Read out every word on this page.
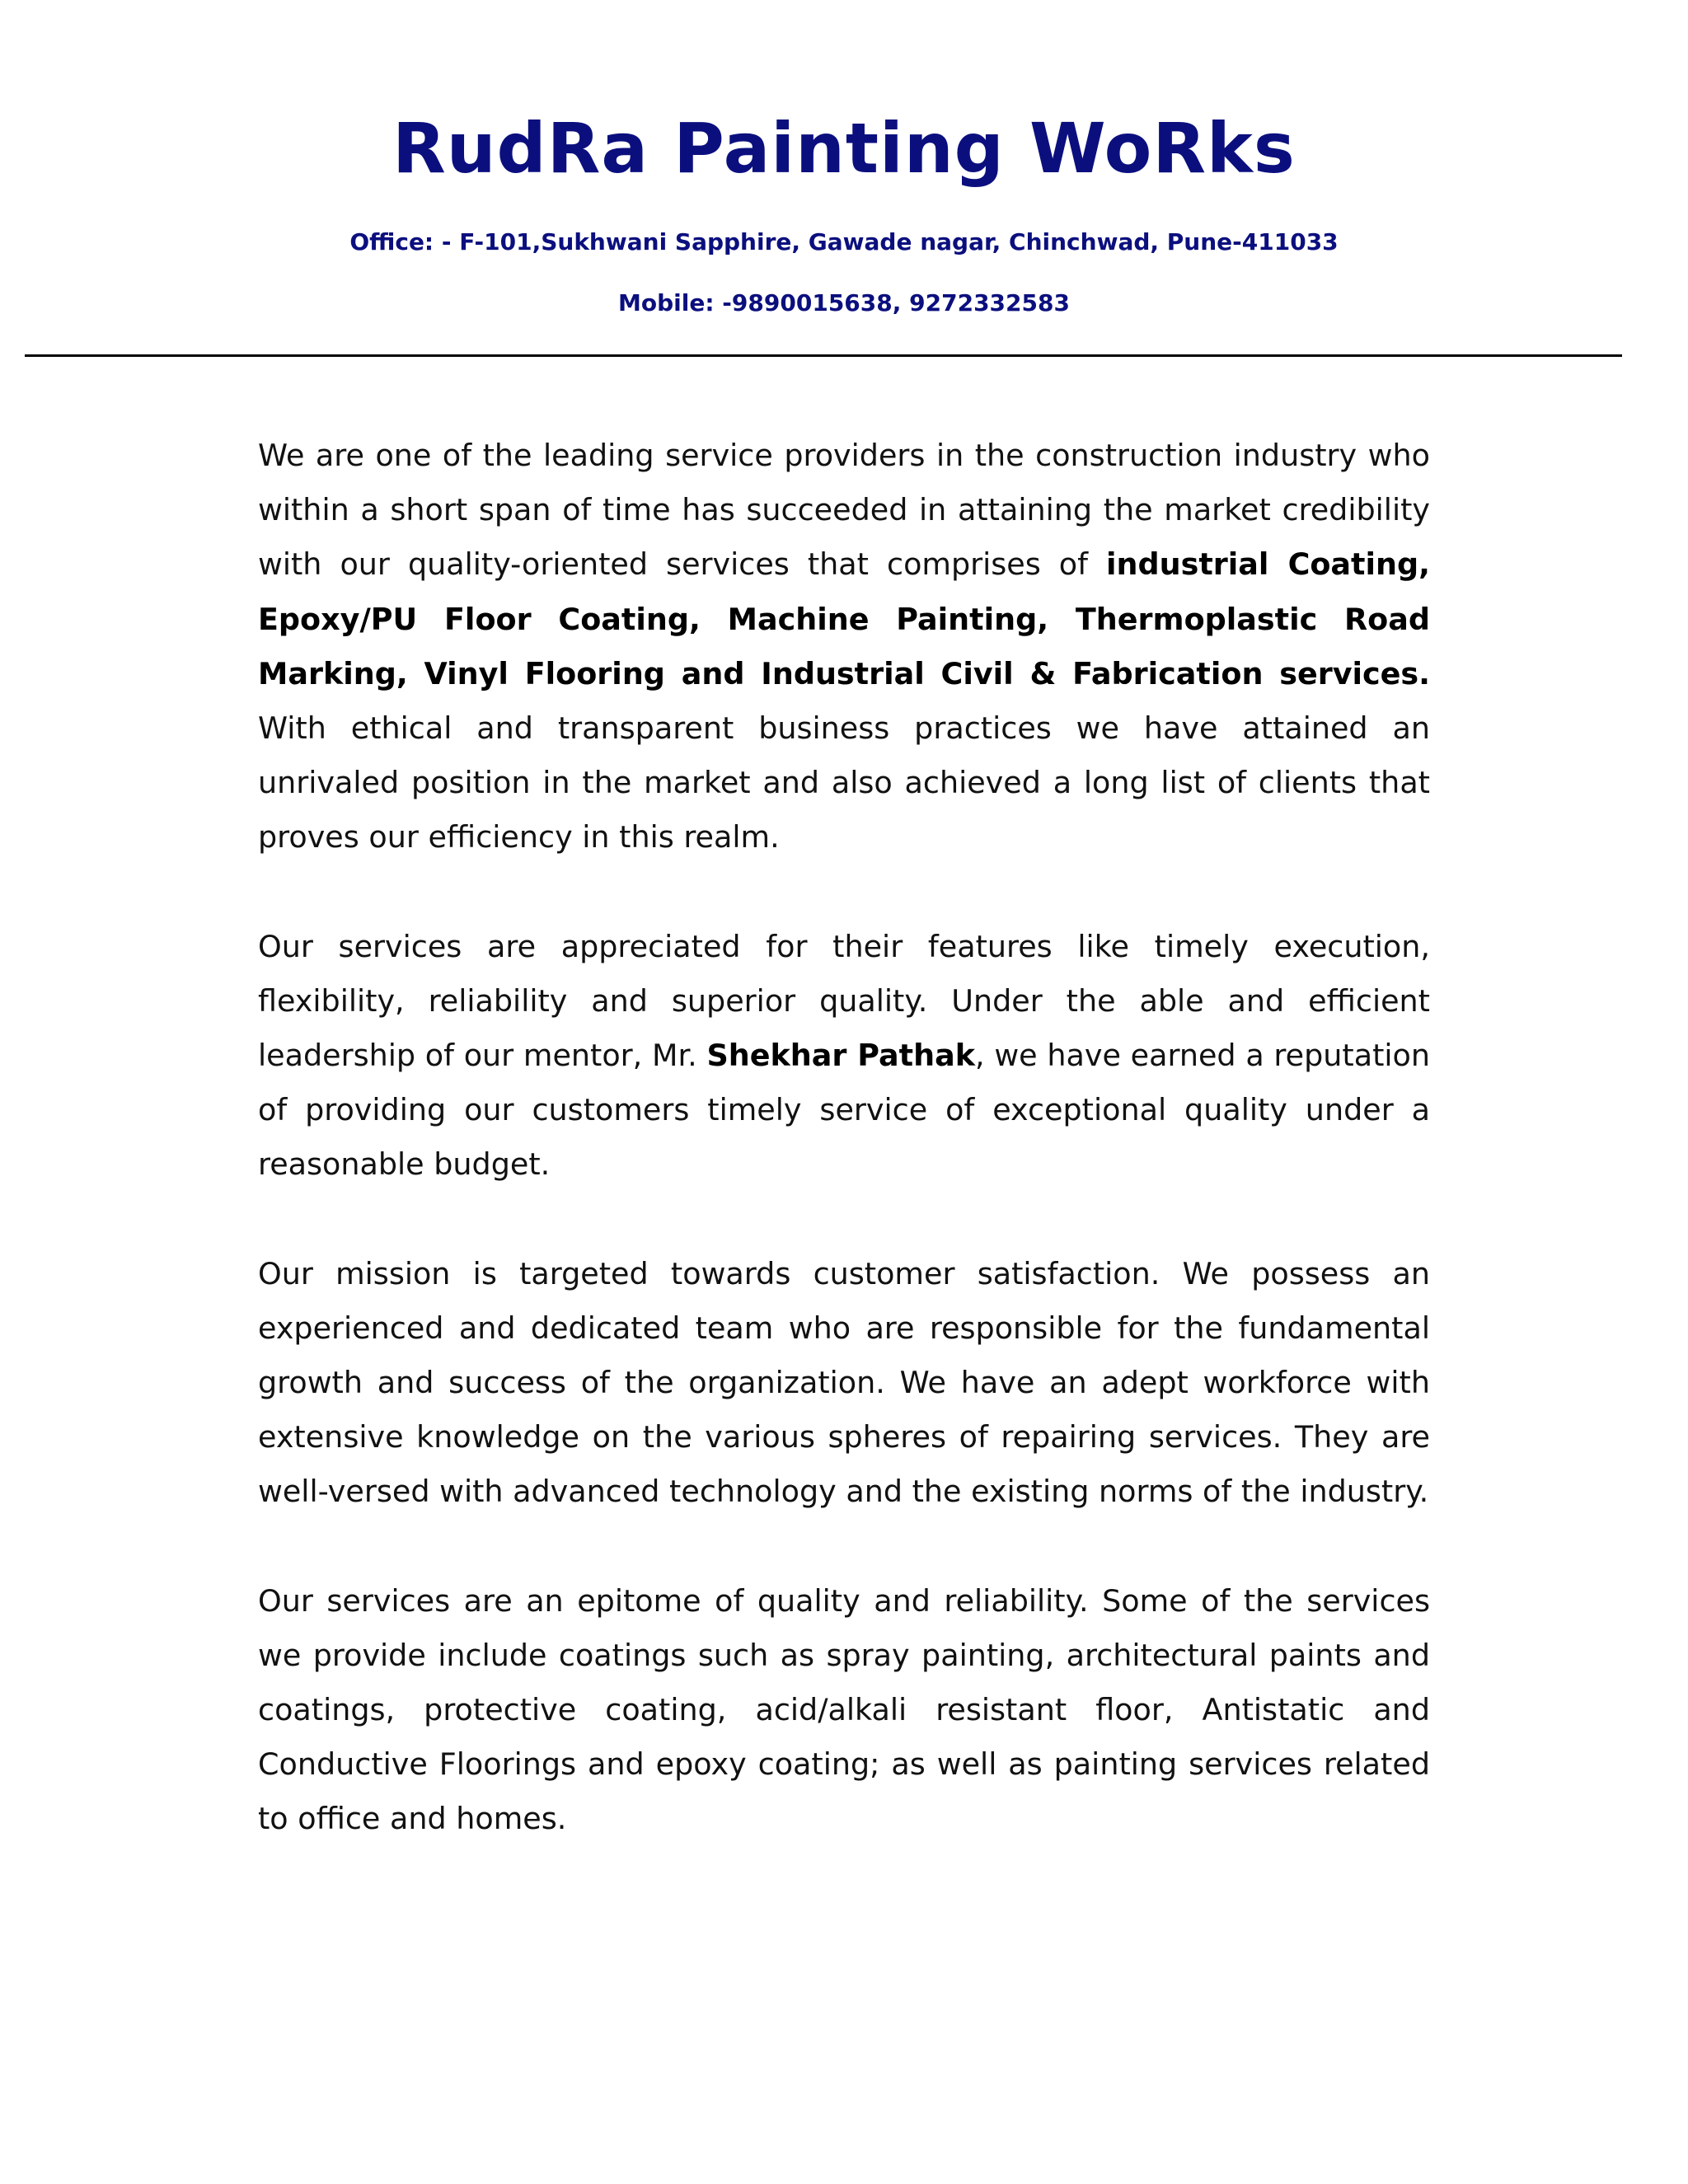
RudRa Painting WoRks
Office: - F-101,Sukhwani Sapphire, Gawade nagar, Chinchwad, Pune-411033
Mobile: -9890015638, 9272332583

We are one of the leading service providers in the construction industry who within a short span of time has succeeded in attaining the market credibility with our quality-oriented services that comprises of industrial Coating, Epoxy/PU Floor Coating, Machine Painting, Thermoplastic Road Marking, Vinyl Flooring and Industrial Civil & Fabrication services. With ethical and transparent business practices we have attained an unrivaled position in the market and also achieved a long list of clients that proves our efficiency in this realm.

Our services are appreciated for their features like timely execution, flexibility, reliability and superior quality. Under the able and efficient leadership of our mentor, Mr. Shekhar Pathak, we have earned a reputation of providing our customers timely service of exceptional quality under a reasonable budget.

Our mission is targeted towards customer satisfaction. We possess an experienced and dedicated team who are responsible for the fundamental growth and success of the organization. We have an adept workforce with extensive knowledge on the various spheres of repairing services. They are well-versed with advanced technology and the existing norms of the industry.

Our services are an epitome of quality and reliability. Some of the services we provide include coatings such as spray painting, architectural paints and coatings, protective coating, acid/alkali resistant floor, Antistatic and Conductive Floorings and epoxy coating; as well as painting services related to office and homes.
